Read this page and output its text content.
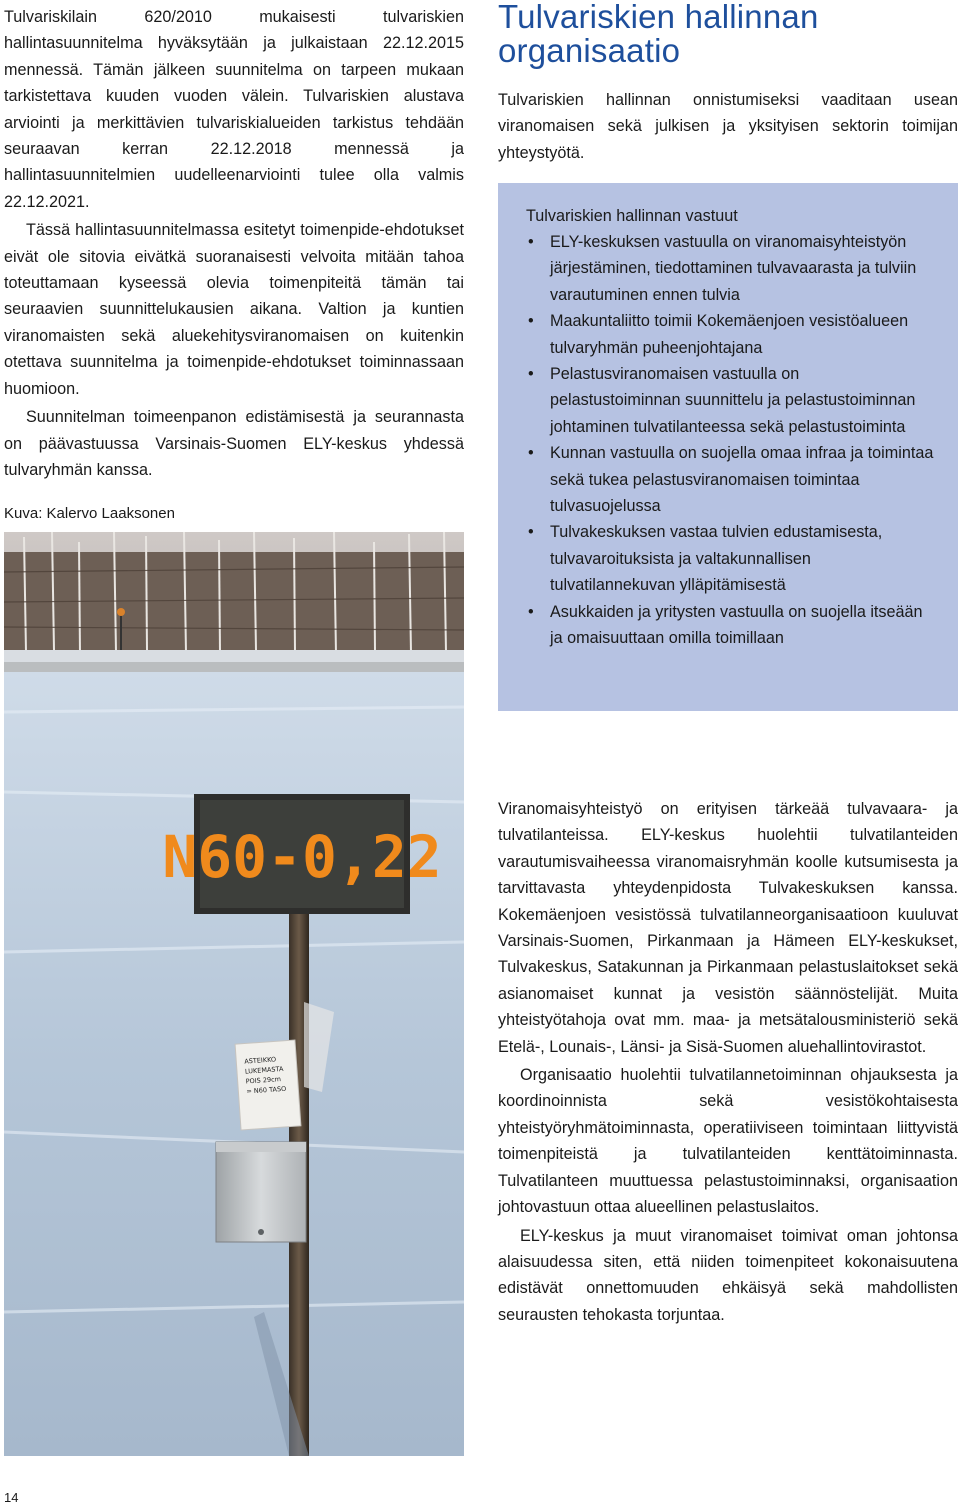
Tulvariskilain 620/2010 mukaisesti tulvariskien hallintasuunnitelma hyväksytään ja julkaistaan 22.12.2015 mennessä. Tämän jälkeen suunnitelma on tarpeen mukaan tarkistettava kuuden vuoden välein. Tulvariskien alustava arviointi ja merkittävien tulvariskialueiden tarkistus tehdään seuraavan kerran 22.12.2018 mennessä ja hallintasuunnitelmien uudelleenarviointi tulee olla valmis 22.12.2021.

Tässä hallintasuunnitelmassa esitetyt toimenpide-ehdotukset eivät ole sitovia eivätkä suoranaisesti velvoita mitään tahoa toteuttamaan kyseessä olevia toimenpiteitä tämän tai seuraavien suunnittelukausien aikana. Valtion ja kuntien viranomaisten sekä aluekehitysviranomaisen on kuitenkin otettava suunnitelma ja toimenpide-ehdotukset toiminnassaan huomioon.

Suunnitelman toimeenpanon edistämisestä ja seurannasta on päävastuussa Varsinais-Suomen ELY-keskus yhdessä tulvaryhmän kanssa.

Kuva: Kalervo Laaksonen
N60-0,22
ASTEIKKO
LUKEMASTA
POIS 29cm
= N60 TASO
Tulvariskien hallinnan
organisaatio

Tulvariskien hallinnan onnistumiseksi vaaditaan usean viranomaisen sekä julkisen ja yksityisen sektorin toimijan yhteystyötä.

Tulvariskien hallinnan vastuut
• ELY-keskuksen vastuulla on viranomaisyhteistyön järjestäminen, tiedottaminen tulvavaarasta ja tulviin varautuminen ennen tulvia
• Maakuntaliitto toimii Kokemäenjoen vesistöalueen tulvaryhmän puheenjohtajana
• Pelastusviranomaisen vastuulla on pelastustoiminnan suunnittelu ja pelastustoiminnan johtaminen tulvatilanteessa sekä pelastustoiminta
• Kunnan vastuulla on suojella omaa infraa ja toimintaa sekä tukea pelastusviranomaisen toimintaa tulvasuojelussa
• Tulvakeskuksen vastaa tulvien edustamisesta, tulvavaroituksista ja valtakunnallisen tulvatilannekuvan ylläpitämisestä
• Asukkaiden ja yritysten vastuulla on suojella itseään ja omaisuuttaan omilla toimillaan

Viranomaisyhteistyö on erityisen tärkeää tulvavaara- ja tulvatilanteissa. ELY-keskus huolehtii tulvatilanteiden varautumisvaiheessa viranomaisryhmän koolle kutsumisesta ja tarvittavasta yhteydenpidosta Tulvakeskuksen kanssa. Kokemäenjoen vesistössä tulvatilanneorganisaatioon kuuluvat Varsinais-Suomen, Pirkanmaan ja Hämeen ELY-keskukset, Tulvakeskus, Satakunnan ja Pirkanmaan pelastuslaitokset sekä asianomaiset kunnat ja vesistön säännöstelijät. Muita yhteistyötahoja ovat mm. maa- ja metsätalousministeriö sekä Etelä-, Lounais-, Länsi- ja Sisä-Suomen aluehallintovirastot.

Organisaatio huolehtii tulvatilannetoiminnan ohjauksesta ja koordinoinnista sekä vesistökohtaisesta yhteistyöryhmätoiminnasta, operatiiviseen toimintaan liittyvistä toimenpiteistä ja tulvatilanteiden kenttätoiminnasta. Tulvatilanteen muuttuessa pelastustoiminnaksi, organisaation johtovastuun ottaa alueellinen pelastuslaitos.

ELY-keskus ja muut viranomaiset toimivat oman johtonsa alaisuudessa siten, että niiden toimenpiteet kokonaisuutena edistävät onnettomuuden ehkäisyä sekä mahdollisten seurausten tehokasta torjuntaa.

14
